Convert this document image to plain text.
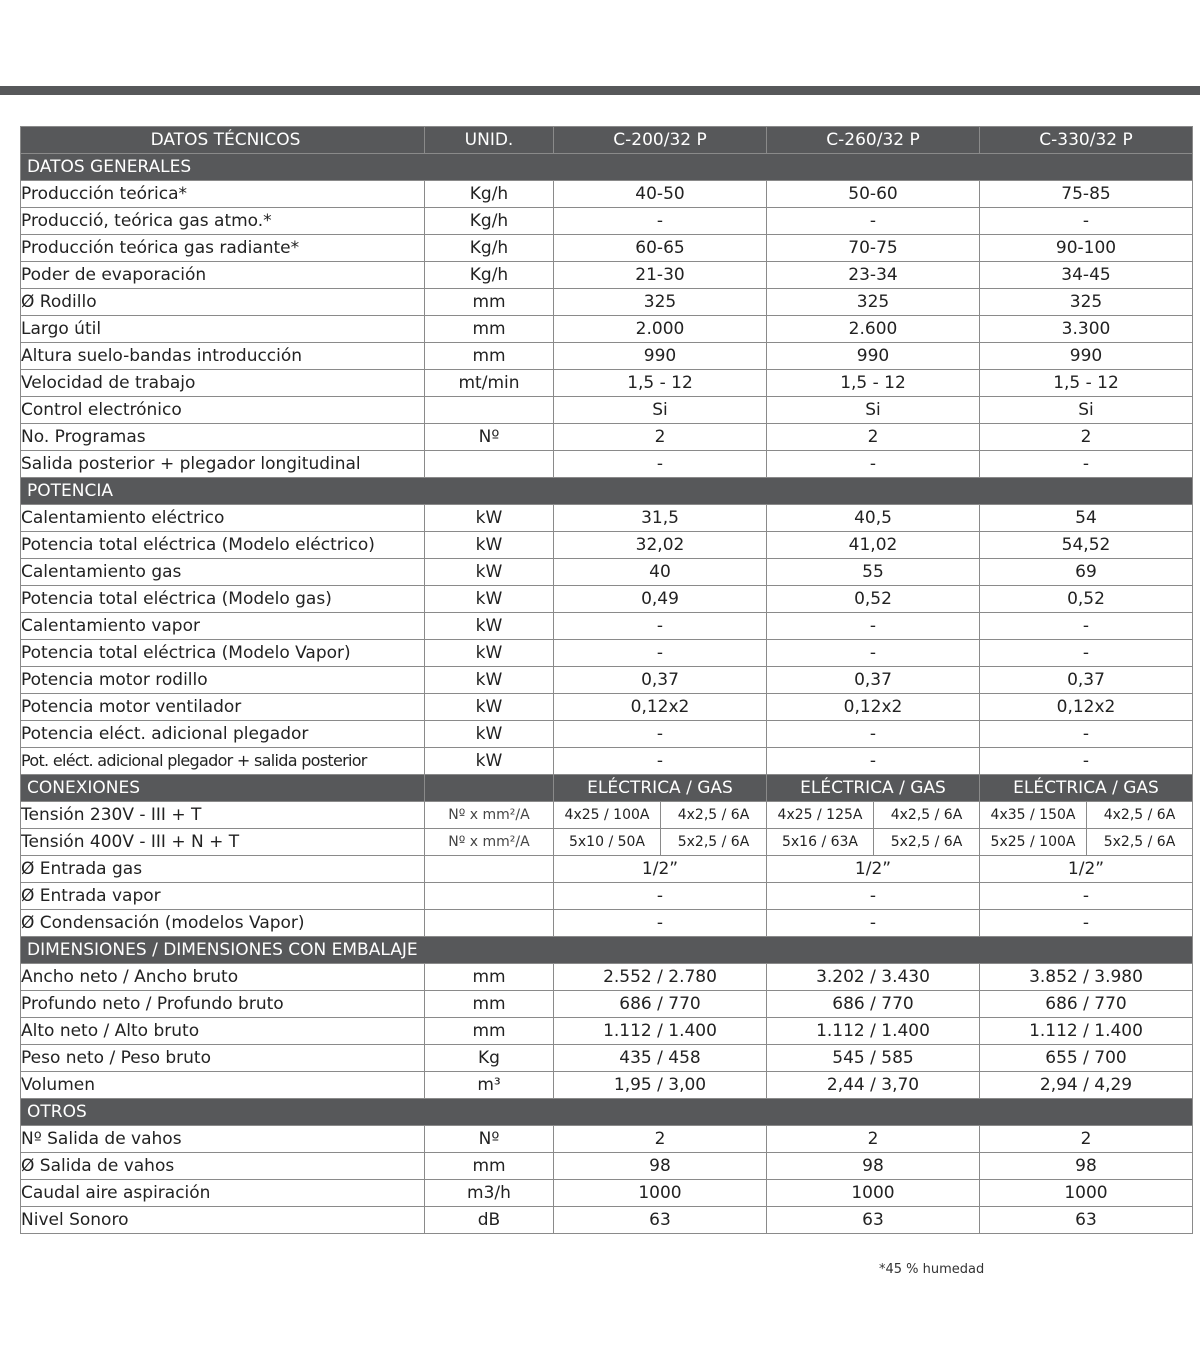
DATOS TÉCNICOS	UNID.	C-200/32 P		C-260/32 P		C-330/32 P	
DATOS GENERALES							
Producción teórica*	Kg/h	40-50		50-60		75-85	
Producció, teórica gas atmo.*	Kg/h	-		-		-	
Producción teórica gas radiante*	Kg/h	60-65		70-75		90-100	
Poder de evaporación	Kg/h	21-30		23-34		34-45	
Ø Rodillo	mm	325		325		325	
Largo útil	mm	2.000		2.600		3.300	
Altura suelo-bandas introducción	mm	990		990		990	
Velocidad de trabajo	mt/min	1,5 - 12		1,5 - 12		1,5 - 12	
Control electrónico		Si		Si		Si	
No. Programas	Nº	2		2		2	
Salida posterior + plegador longitudinal		-		-		-	
POTENCIA							
Calentamiento eléctrico	kW	31,5		40,5		54	
Potencia total eléctrica (Modelo eléctrico)	kW	32,02		41,02		54,52	
Calentamiento gas	kW	40		55		69	
Potencia total eléctrica (Modelo gas)	kW	0,49		0,52		0,52	
Calentamiento vapor	kW	-		-		-	
Potencia total eléctrica (Modelo Vapor)	kW	-		-		-	
Potencia motor rodillo	kW	0,37		0,37		0,37	
Potencia motor ventilador	kW	0,12x2		0,12x2		0,12x2	
Potencia eléct. adicional plegador	kW	-		-		-	
Pot. eléct. adicional plegador + salida posterior	kW	-		-		-	
CONEXIONES		ELÉCTRICA / GAS		ELÉCTRICA / GAS		ELÉCTRICA / GAS	
Tensión 230V - III + T	Nº x mm²/A	4x25 / 100A	4x2,5 / 6A	4x25 / 125A	4x2,5 / 6A	4x35 / 150A	4x2,5 / 6A
Tensión 400V - III + N + T	Nº x mm²/A	5x10 / 50A	5x2,5 / 6A	5x16 / 63A	5x2,5 / 6A	5x25 / 100A	5x2,5 / 6A
Ø Entrada gas		1/2”		1/2”		1/2”	
Ø Entrada vapor		-		-		-	
Ø Condensación (modelos Vapor)		-		-		-	
DIMENSIONES / DIMENSIONES CON EMBALAJE							
Ancho neto / Ancho bruto	mm	2.552 / 2.780		3.202 / 3.430		3.852 / 3.980	
Profundo neto / Profundo bruto	mm	686 / 770		686 / 770		686 / 770	
Alto neto / Alto bruto	mm	1.112 / 1.400		1.112 / 1.400		1.112 / 1.400	
Peso neto / Peso bruto	Kg	435 / 458		545 / 585		655 / 700	
Volumen	m³	1,95 / 3,00		2,44 / 3,70		2,94 / 4,29	
OTROS							
Nº Salida de vahos	Nº	2		2		2	
Ø Salida de vahos	mm	98		98		98	
Caudal aire aspiración	m3/h	1000		1000		1000	
Nivel Sonoro	dB	63		63		63	
*45 % humedad
